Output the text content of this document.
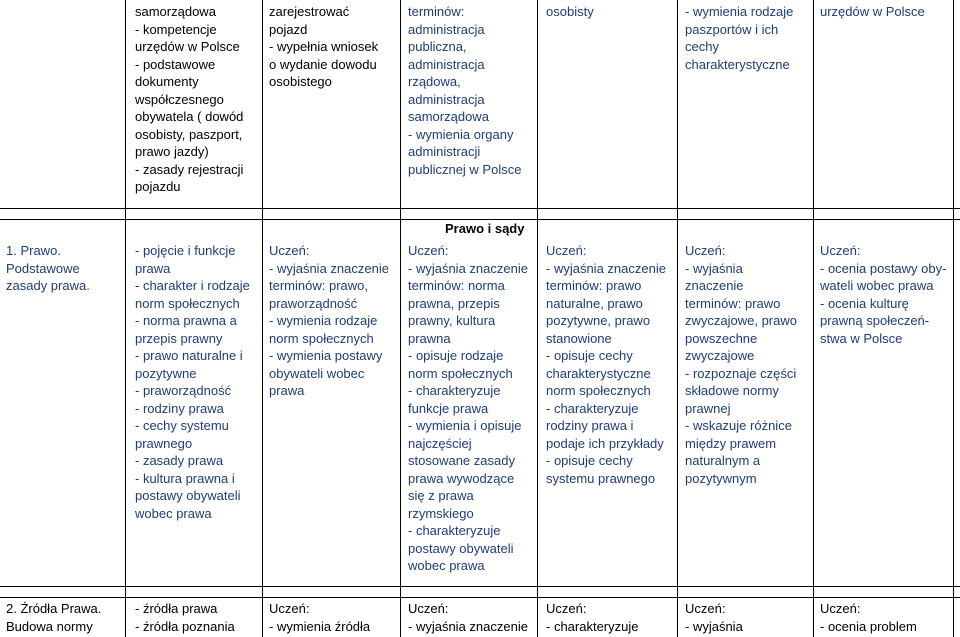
samorządowa
- kompetencje
urzędów w Polsce
- podstawowe
dokumenty
współczesnego
obywatela ( dowód
osobisty, paszport,
prawo jazdy)
- zasady rejestracji
pojazdu
zarejestrować
pojazd
- wypełnia wniosek
o wydanie dowodu
osobistego
terminów:
administracja
publiczna,
administracja
rządowa,
administracja
samorządowa
- wymienia organy
administracji
publicznej w Polsce
osobisty	- wymienia rodzaje
paszportów i ich
cechy
charakterystyczne
urzędów w Polsce
Prawo i sądy
1. Prawo.
Podstawowe
zasady prawa.
- pojęcie i funkcje
prawa
- charakter i rodzaje
norm społecznych
- norma prawna a
przepis prawny
- prawo naturalne i
pozytywne
- praworządność
- rodziny prawa
- cechy systemu
prawnego
- zasady prawa
- kultura prawna i
postawy obywateli
wobec prawa
Uczeń:
- wyjaśnia znaczenie
terminów: prawo,
praworządność
- wymienia rodzaje
norm społecznych
- wymienia postawy
obywateli wobec
prawa
Uczeń:
- wyjaśnia znaczenie
terminów: norma
prawna, przepis
prawny, kultura
prawna
- opisuje rodzaje
norm społecznych
- charakteryzuje
funkcje prawa
- wymienia i opisuje
najczęściej
stosowane zasady
prawa wywodzące
się z prawa
rzymskiego
- charakteryzuje
postawy obywateli
wobec prawa
Uczeń:
- wyjaśnia znaczenie
terminów: prawo
naturalne, prawo
pozytywne, prawo
stanowione
- opisuje cechy
charakterystyczne
norm społecznych
- charakteryzuje
rodziny prawa i
podaje ich przykłady
- opisuje cechy
systemu prawnego
Uczeń:
- wyjaśnia
znaczenie
terminów: prawo
zwyczajowe, prawo
powszechne
zwyczajowe
- rozpoznaje części
składowe normy
prawnej
- wskazuje różnice
między prawem
naturalnym a
pozytywnym
Uczeń:
- ocenia postawy oby-
wateli wobec prawa
- ocenia kulturę
prawną społeczeń-
stwa w Polsce
2. Źródła Prawa.
Budowa normy
- źródła prawa
- źródła poznania
Uczeń:
- wymienia źródła
Uczeń:
- wyjaśnia znaczenie
Uczeń:
- charakteryzuje
Uczeń:
- wyjaśnia
Uczeń:
- ocenia problem
